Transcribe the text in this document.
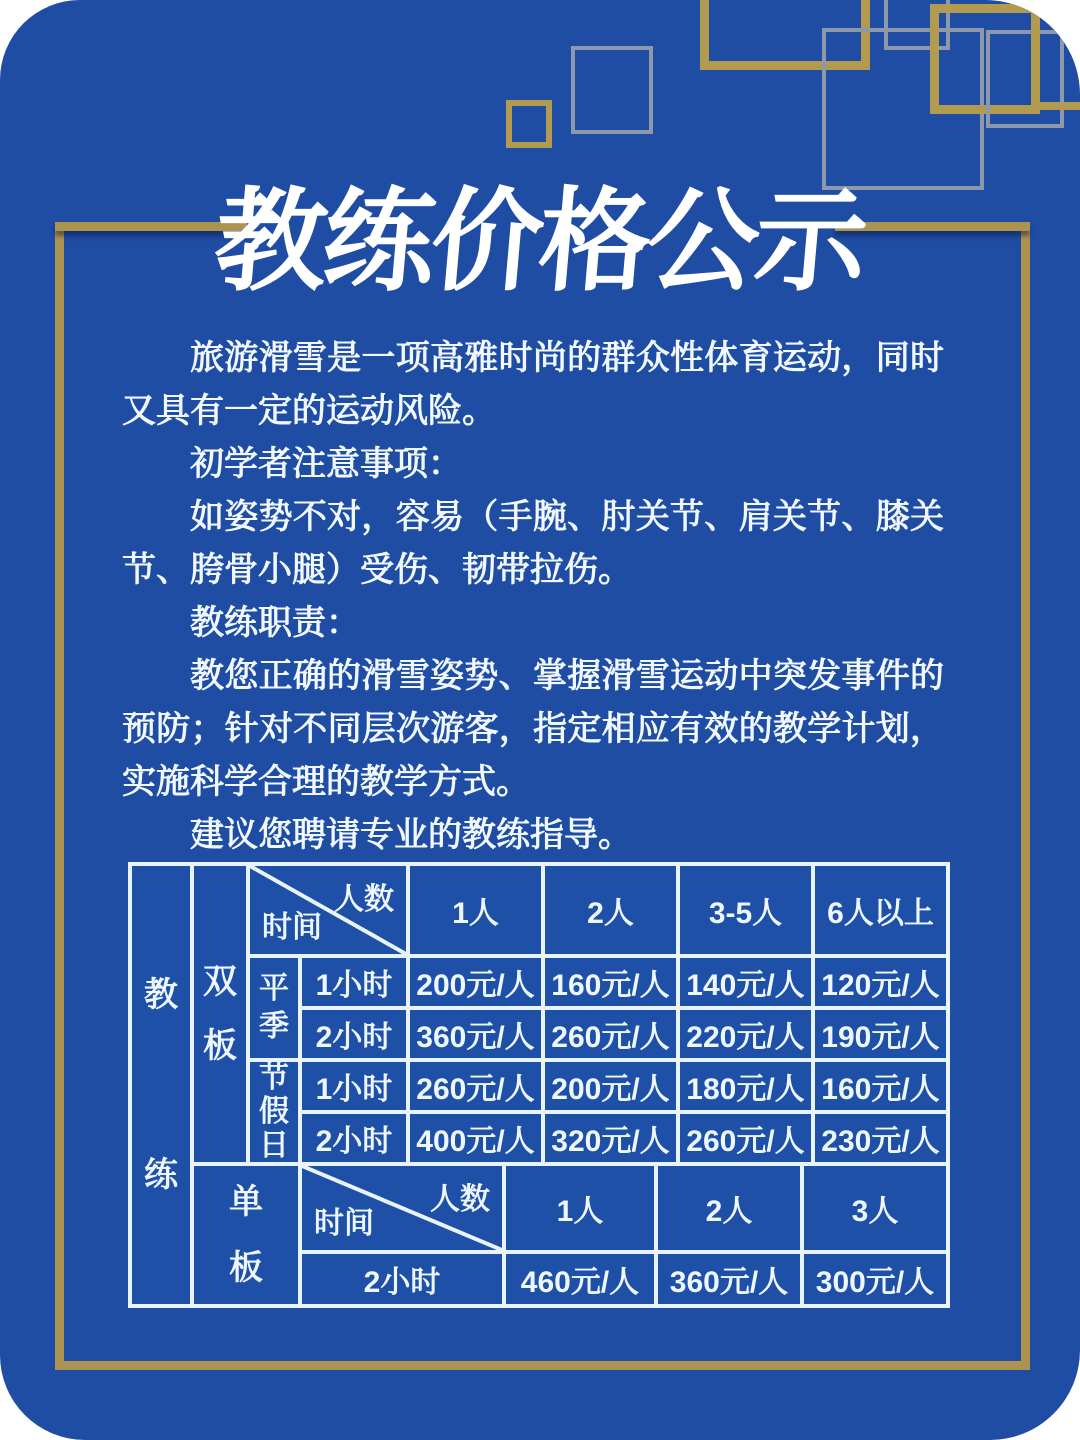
教练价格公示

旅游滑雪是一项高雅时尚的群众性体育运动，同时又具有一定的运动风险。

初学者注意事项：

如姿势不对，容易（手腕、肘关节、肩关节、膝关节、胯骨小腿）受伤、韧带拉伤。

教练职责：

教您正确的滑雪姿势、掌握滑雪运动中突发事件的预防；针对不同层次游客，指定相应有效的教学计划，实施科学合理的教学方式。

建议您聘请专业的教练指导。

教练
双板
人数
时间	1人	2人	3-5人	6人以上
平季
1小时 200元/人 160元/人 140元/人 120元/人
2小时 360元/人 260元/人 220元/人 190元/人
节假日
1小时 260元/人 200元/人 180元/人 160元/人
2小时 400元/人 320元/人 260元/人 230元/人
单板
人数
时间	1人	2人	3人
2小时	460元/人	360元/人 300元/人
